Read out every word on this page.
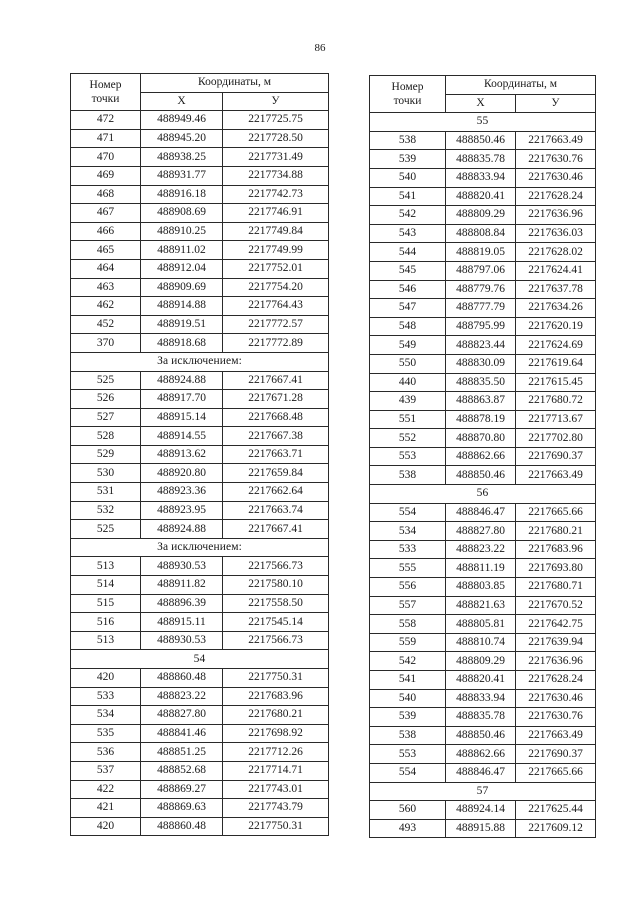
86
Номер
точки	Координаты, м	
	X	У
472	488949.46	2217725.75
471	488945.20	2217728.50
470	488938.25	2217731.49
469	488931.77	2217734.88
468	488916.18	2217742.73
467	488908.69	2217746.91
466	488910.25	2217749.84
465	488911.02	2217749.99
464	488912.04	2217752.01
463	488909.69	2217754.20
462	488914.88	2217764.43
452	488919.51	2217772.57
370	488918.68	2217772.89
За исключением:		
525	488924.88	2217667.41
526	488917.70	2217671.28
527	488915.14	2217668.48
528	488914.55	2217667.38
529	488913.62	2217663.71
530	488920.80	2217659.84
531	488923.36	2217662.64
532	488923.95	2217663.74
525	488924.88	2217667.41
За исключением:		
513	488930.53	2217566.73
514	488911.82	2217580.10
515	488896.39	2217558.50
516	488915.11	2217545.14
513	488930.53	2217566.73
54		
420	488860.48	2217750.31
533	488823.22	2217683.96
534	488827.80	2217680.21
535	488841.46	2217698.92
536	488851.25	2217712.26
537	488852.68	2217714.71
422	488869.27	2217743.01
421	488869.63	2217743.79
420	488860.48	2217750.31
Номер
точки	Координаты, м	
	X	У
55		
538	488850.46	2217663.49
539	488835.78	2217630.76
540	488833.94	2217630.46
541	488820.41	2217628.24
542	488809.29	2217636.96
543	488808.84	2217636.03
544	488819.05	2217628.02
545	488797.06	2217624.41
546	488779.76	2217637.78
547	488777.79	2217634.26
548	488795.99	2217620.19
549	488823.44	2217624.69
550	488830.09	2217619.64
440	488835.50	2217615.45
439	488863.87	2217680.72
551	488878.19	2217713.67
552	488870.80	2217702.80
553	488862.66	2217690.37
538	488850.46	2217663.49
56		
554	488846.47	2217665.66
534	488827.80	2217680.21
533	488823.22	2217683.96
555	488811.19	2217693.80
556	488803.85	2217680.71
557	488821.63	2217670.52
558	488805.81	2217642.75
559	488810.74	2217639.94
542	488809.29	2217636.96
541	488820.41	2217628.24
540	488833.94	2217630.46
539	488835.78	2217630.76
538	488850.46	2217663.49
553	488862.66	2217690.37
554	488846.47	2217665.66
57		
560	488924.14	2217625.44
493	488915.88	2217609.12
